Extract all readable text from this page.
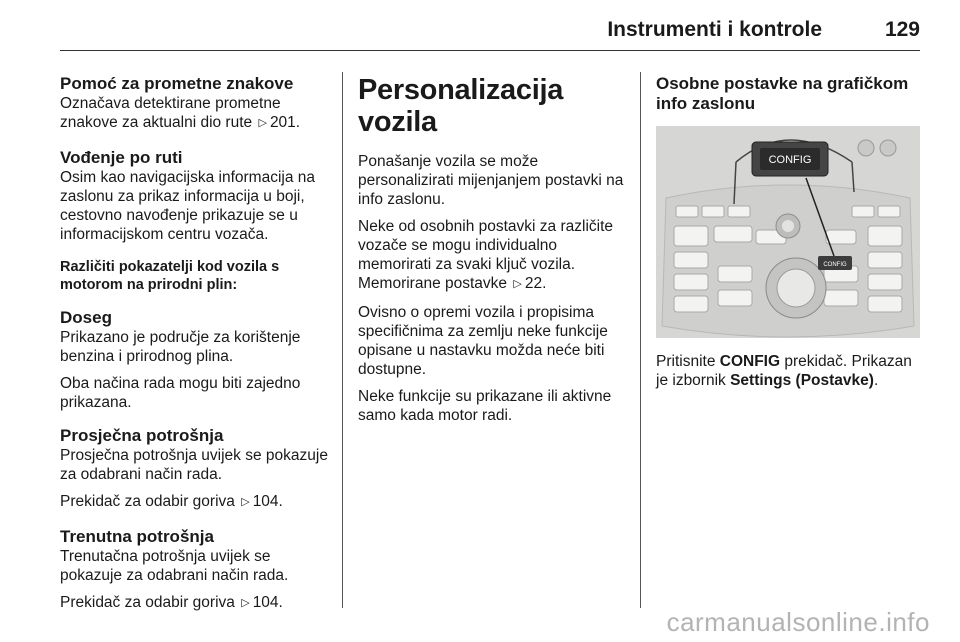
Instrumenti i kontrole	129
Pomoć za prometne znakove

Označava detektirane prometne znakove za aktualni dio rute ▷ 201.

Vođenje po ruti

Osim kao navigacijska informacija na zaslonu za prikaz informacija u boji, cestovno navođenje prikazuje se u informacijskom centru vozača.

Različiti pokazatelji kod vozila s motorom na prirodni plin:
Doseg

Prikazano je područje za korištenje benzina i prirodnog plina.

Oba načina rada mogu biti zajedno prikazana.

Prosječna potrošnja

Prosječna potrošnja uvijek se pokazuje za odabrani način rada.

Prekidač za odabir goriva ▷ 104.

Trenutna potrošnja

Trenutačna potrošnja uvijek se pokazuje za odabrani način rada.

Prekidač za odabir goriva ▷ 104.

Personalizacija vozila

Ponašanje vozila se može personalizirati mijenjanjem postavki na info zaslonu.

Neke od osobnih postavki za različite vozače se mogu individualno memorirati za svaki ključ vozila. Memorirane postavke ▷ 22.

Ovisno o opremi vozila i propisima specifičnima za zemlju neke funkcije opisane u nastavku možda neće biti dostupne.

Neke funkcije su prikazane ili aktivne samo kada motor radi.

Osobne postavke na grafičkom info zaslonu
CONFIG
CONFIG

Pritisnite CONFIG prekidač. Prikazan je izbornik Settings (Postavke).

carmanualsonline.info
